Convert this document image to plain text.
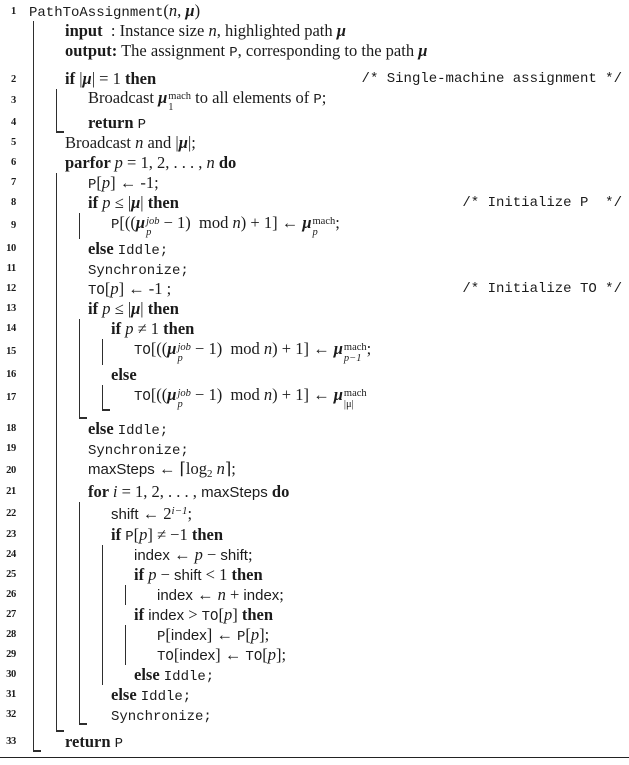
1 PathToAssignment(n, μ)
input  : Instance size n, highlighted path μ
output: The assignment P, corresponding to the path μ
2	if |μ| = 1 then	/* Single-machine assignment */
3	Broadcast μ mach
1
to all elements of P;
4	return P
5	Broadcast n and |μ|;
6	parfor p = 1, 2, . . . , n do
7	P[p] ← -1;
8	if p ≤ |μ| then	/* Initialize P  */
9	P[((μ job
p
− 1)  mod n) + 1] ← μ mach
p
;
10	else Iddle;
11	Synchronize;
12	TO[p] ← -1 ;	/* Initialize TO */
13	if p ≤ |μ| then
14	if p ≠ 1 then
15	TO[((μ job
p
− 1)  mod n) + 1] ← μ mach
p−1
;
16	else
17	TO[((μ job
p
− 1)  mod n) + 1] ← μ mach
|μ|
18	else Iddle;
19	Synchronize;
20	maxSteps ← $⌈\log_2$ n⌉;
21	for i = 1, 2, . . . , maxSteps do
22	shift ← $2^{i-1}$;
23	if P[p] ≠ −1 then
24	index ← p − shift;
25	if p − shift < 1 then
26	index ← n + index;
27	if index > TO[p] then
28	P[index] ← P[p];
29	TO[index] ← TO[p];
30	else Iddle;
31	else Iddle;
32	Synchronize;
33	return P
